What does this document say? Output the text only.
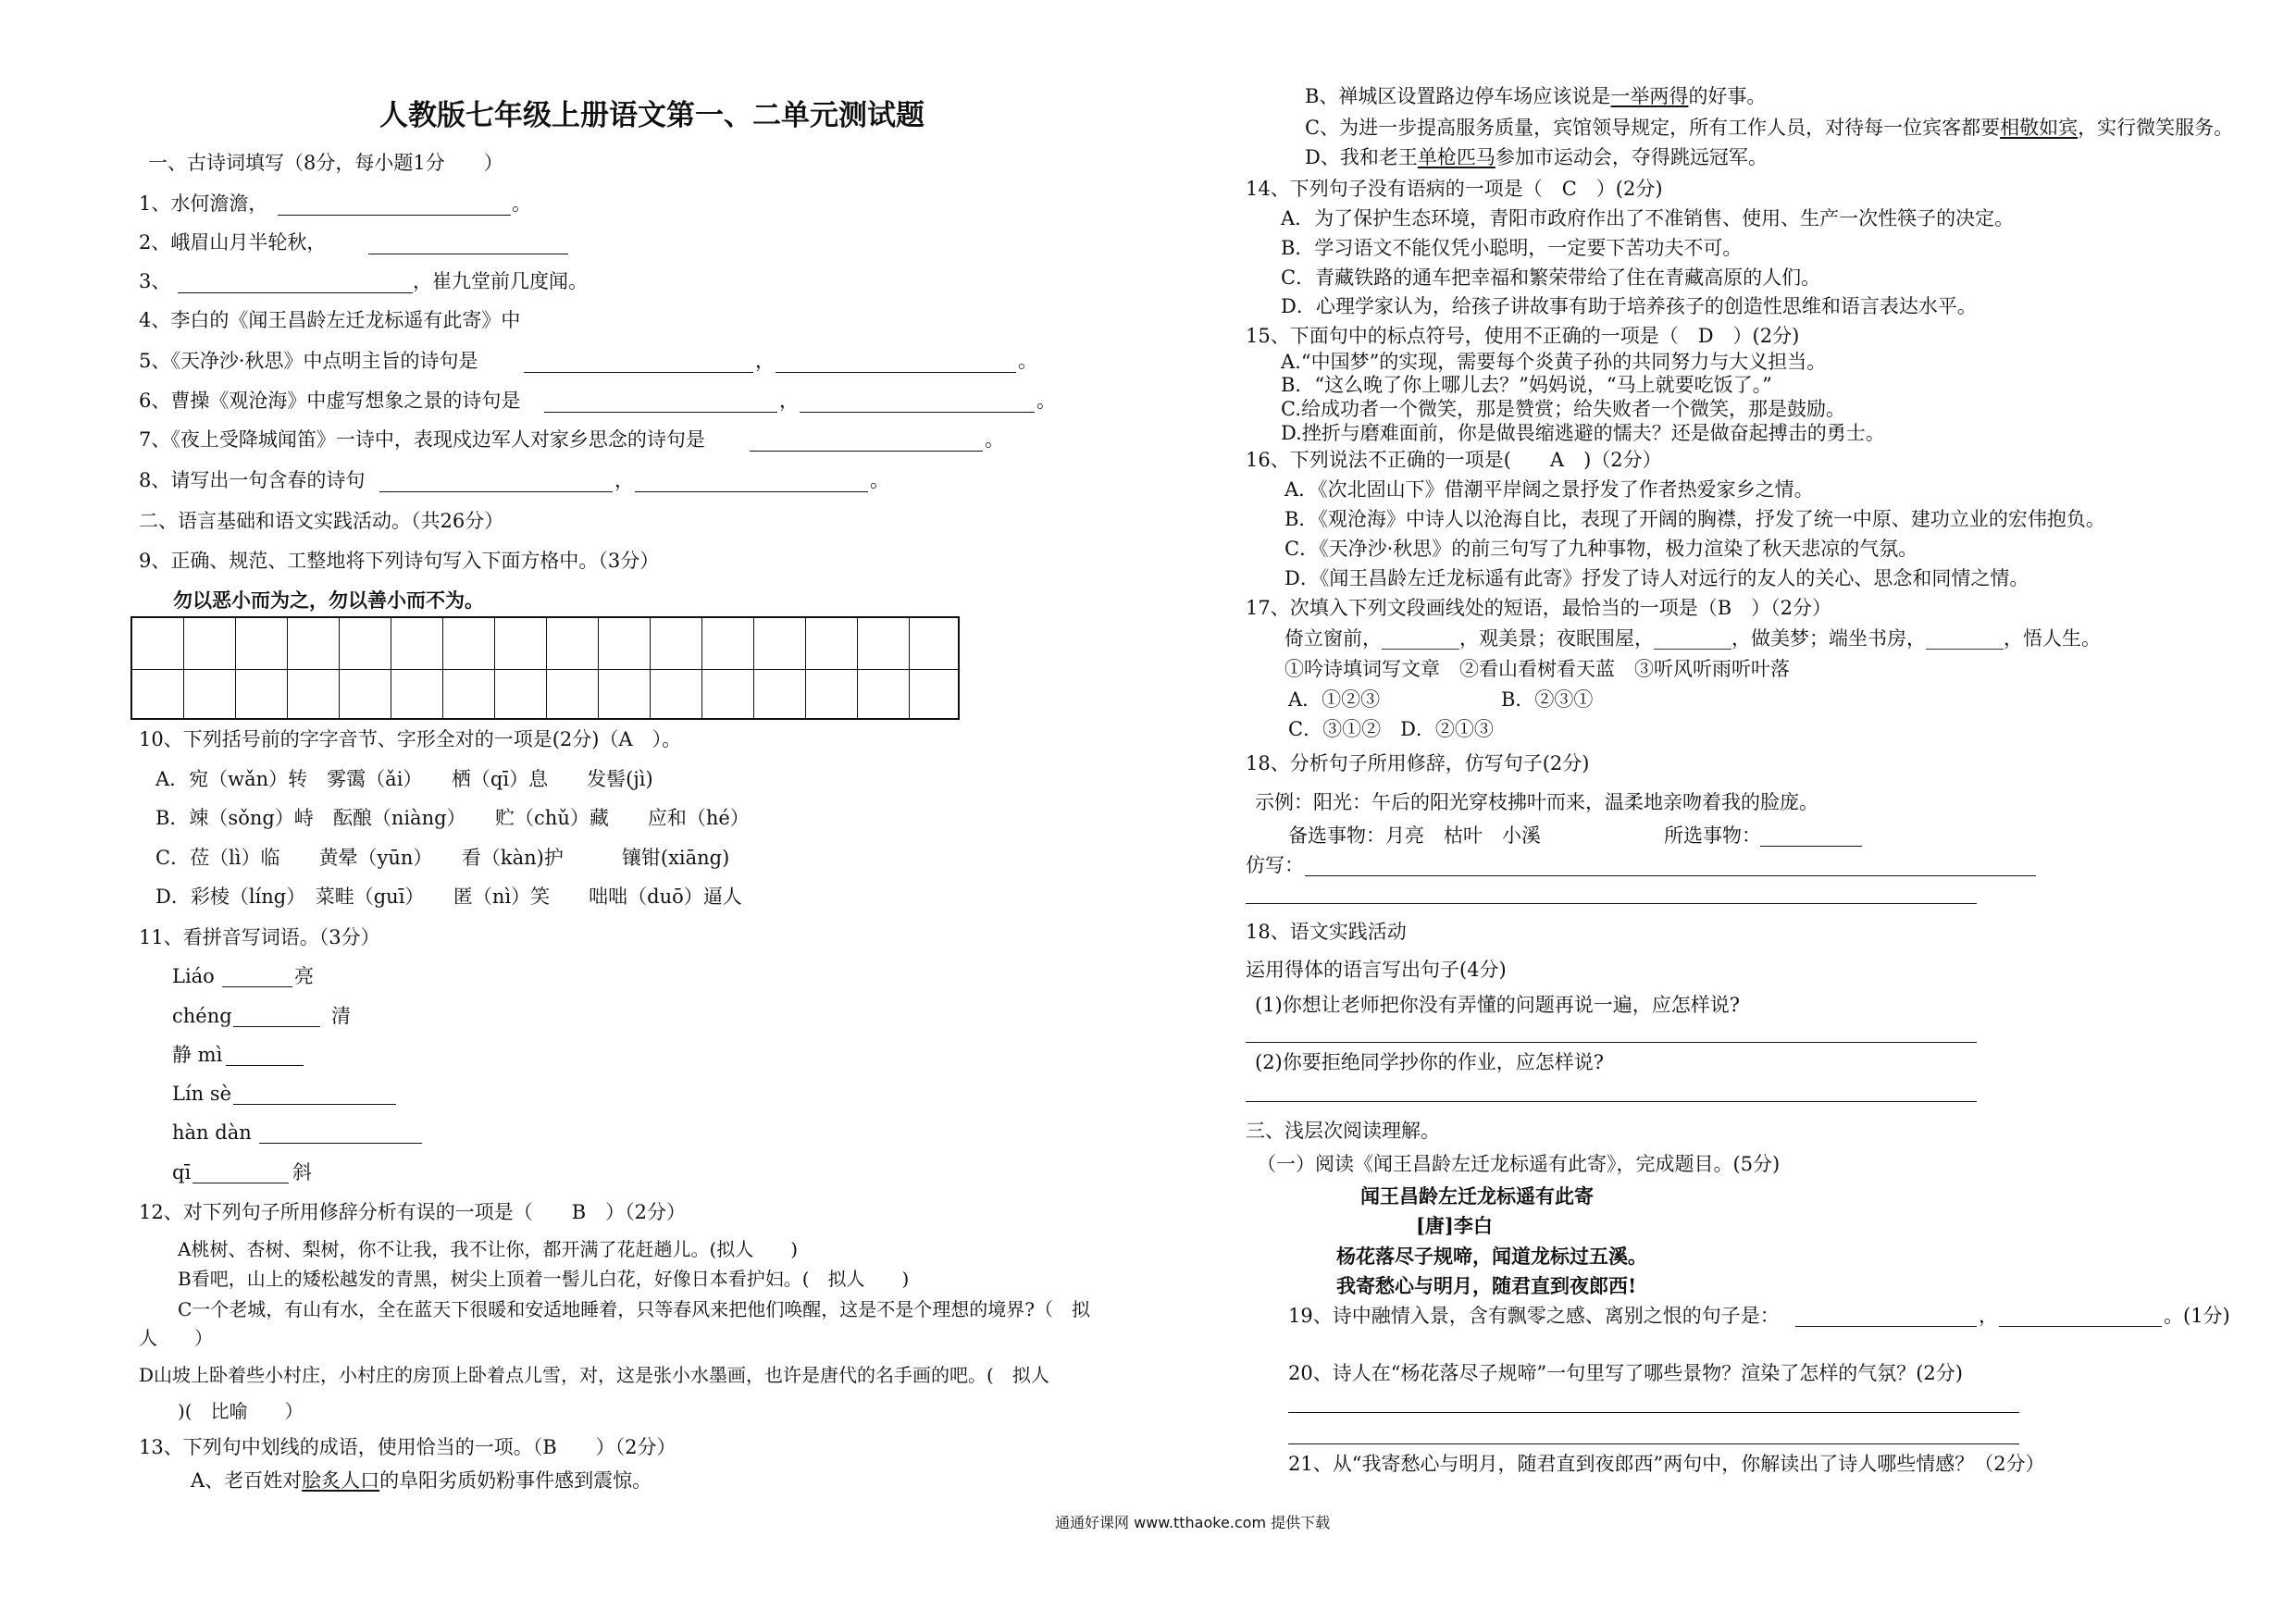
人教版七年级上册语文第一、二单元测试题
一、古诗词填写（8分，每小题1分　　）
1、水何澹澹，	。
2、峨眉山月半轮秋，
3、	，崔九堂前几度闻。
4、李白的《闻王昌龄左迁龙标遥有此寄》中
5、《天净沙·秋思》中点明主旨的诗句是	，	。
6、曹操《观沧海》中虚写想象之景的诗句是	，	。
7、《夜上受降城闻笛》一诗中，表现戍边军人对家乡思念的诗句是	。
8、请写出一句含春的诗句	，	。
二、语言基础和语文实践活动。（共26分）
9、正确、规范、工整地将下列诗句写入下面方格中。（3分）
勿以恶小而为之，勿以善小而不为。
10、下列括号前的字字音节、字形全对的一项是(2分)（A　）。
A．宛（wǎn）转　雾霭（ǎi）　　栖（qī）息　　发髻(jì)
B．竦（sǒng）峙　酝酿（niàng）　　贮（chǔ）藏　　应和（hé）
C．莅（lì）临　　黄晕（yūn）　　看（kàn)护　　　镶钳(xiāng)
D．彩棱（líng）　菜畦（guī）　　匿（nì）笑　　咄咄（duō）逼人
11、看拼音写词语。（3分）
Liáo	亮
chéng	清
静 mì
Lín sè
hàn dàn
qī	斜
12、对下列句子所用修辞分析有误的一项是（　　B　）（2分）
A桃树、杏树、梨树，你不让我，我不让你，都开满了花赶趟儿。(拟人　　)
B看吧，山上的矮松越发的青黑，树尖上顶着一髻儿白花，好像日本看护妇。(　拟人　　)
C一个老城，有山有水，全在蓝天下很暖和安适地睡着，只等春风来把他们唤醒，这是不是个理想的境界?（　拟
人　　）
D山坡上卧着些小村庄，小村庄的房顶上卧着点儿雪，对，这是张小水墨画，也许是唐代的名手画的吧。(　拟人
)(　比喻　　）
13、下列句中划线的成语，使用恰当的一项。（B　　）（2分）
A、老百姓对脍炙人口的阜阳劣质奶粉事件感到震惊。
B、禅城区设置路边停车场应该说是一举两得的好事。
C、为进一步提高服务质量，宾馆领导规定，所有工作人员，对待每一位宾客都要相敬如宾，实行微笑服务。
D、我和老王单枪匹马参加市运动会，夺得跳远冠军。
14、下列句子没有语病的一项是（　C　）(2分)
A．为了保护生态环境，青阳市政府作出了不准销售、使用、生产一次性筷子的决定。
B．学习语文不能仅凭小聪明，一定要下苦功夫不可。
C．青藏铁路的通车把幸福和繁荣带给了住在青藏高原的人们。
D．心理学家认为，给孩子讲故事有助于培养孩子的创造性思维和语言表达水平。
15、下面句中的标点符号，使用不正确的一项是（　D　）(2分)
A.“中国梦”的实现，需要每个炎黄子孙的共同努力与大义担当。
B．“这么晚了你上哪儿去？”妈妈说，“马上就要吃饭了。”
C.给成功者一个微笑，那是赞赏；给失败者一个微笑，那是鼓励。
D.挫折与磨难面前，你是做畏缩逃避的懦夫？还是做奋起搏击的勇士。
16、下列说法不正确的一项是(　　A　)（2分）
A．《次北固山下》借潮平岸阔之景抒发了作者热爱家乡之情。
B．《观沧海》中诗人以沧海自比，表现了开阔的胸襟，抒发了统一中原、建功立业的宏伟抱负。
C．《天净沙·秋思》的前三句写了九种事物，极力渲染了秋天悲凉的气氛。
D．《闻王昌龄左迁龙标遥有此寄》抒发了诗人对远行的友人的关心、思念和同情之情。
17、次填入下列文段画线处的短语，最恰当的一项是（B　）（2分）
倚立窗前，________，观美景；夜眠围屋，________，做美梦；端坐书房，________，悟人生。
①吟诗填词写文章　②看山看树看天蓝　③听风听雨听叶落
A．①②③	B．②③①
C．③①②　D．②①③
18、分析句子所用修辞，仿写句子(2分)
示例：阳光：午后的阳光穿枝拂叶而来，温柔地亲吻着我的脸庞。
备选事物：月亮　枯叶　小溪	所选事物：
仿写：
18、语文实践活动
运用得体的语言写出句子(4分)
(1)你想让老师把你没有弄懂的问题再说一遍，应怎样说?
(2)你要拒绝同学抄你的作业，应怎样说?
三、浅层次阅读理解。
（一）阅读《闻王昌龄左迁龙标遥有此寄》，完成题目。(5分)
闻王昌龄左迁龙标遥有此寄
[唐]李白
杨花落尽子规啼，闻道龙标过五溪。
我寄愁心与明月，随君直到夜郎西!
19、诗中融情入景，含有飘零之感、离别之恨的句子是：	，	。(1分)
20、诗人在“杨花落尽子规啼”一句里写了哪些景物？渲染了怎样的气氛？(2分)
21、从“我寄愁心与明月，随君直到夜郎西”两句中，你解读出了诗人哪些情感？（2分）
通通好课网 www.tthaoke.com 提供下载
